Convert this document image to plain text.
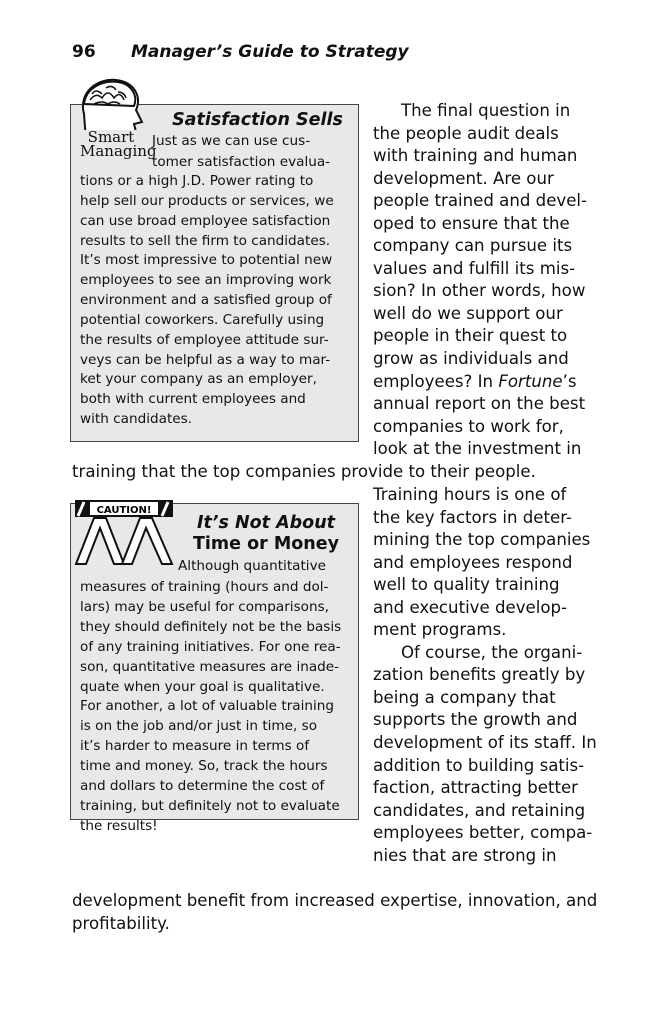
96 Manager’s Guide to Strategy
Smart
Managing
Satisfaction Sells
Just as we can use cus-
tomer satisfaction evalua-
tions or a high J.D. Power rating to
help sell our products or services, we
can use broad employee satisfaction
results to sell the firm to candidates.
It’s most impressive to potential new
employees to see an improving work
environment and a satisfied group of
potential coworkers. Carefully using
the results of employee attitude sur-
veys can be helpful as a way to mar-
ket your company as an employer,
both with current employees and
with candidates.
CAUTION!
It’s Not About
Time or Money
Although quantitative
measures of training (hours and dol-
lars) may be useful for comparisons,
they should definitely not be the basis
of any training initiatives. For one rea-
son, quantitative measures are inade-
quate when your goal is qualitative.
For another, a lot of valuable training
is on the job and/or just in time, so
it’s harder to measure in terms of
time and money. So, track the hours
and dollars to determine the cost of
training, but definitely not to evaluate
the results!
The final question in
the people audit deals
with training and human
development. Are our
people trained and devel-
oped to ensure that the
company can pursue its
values and fulfill its mis-
sion? In other words, how
well do we support our
people in their quest to
grow as individuals and
employees? In Fortune’s
annual report on the best
companies to work for,
look at the investment in
training that the top companies provide to their people.
Training hours is one of
the key factors in deter-
mining the top companies
and employees respond
well to quality training
and executive develop-
ment programs.
Of course, the organi-
zation benefits greatly by
being a company that
supports the growth and
development of its staff. In
addition to building satis-
faction, attracting better
candidates, and retaining
employees better, compa-
nies that are strong in
development benefit from increased expertise, innovation, and
profitability.
